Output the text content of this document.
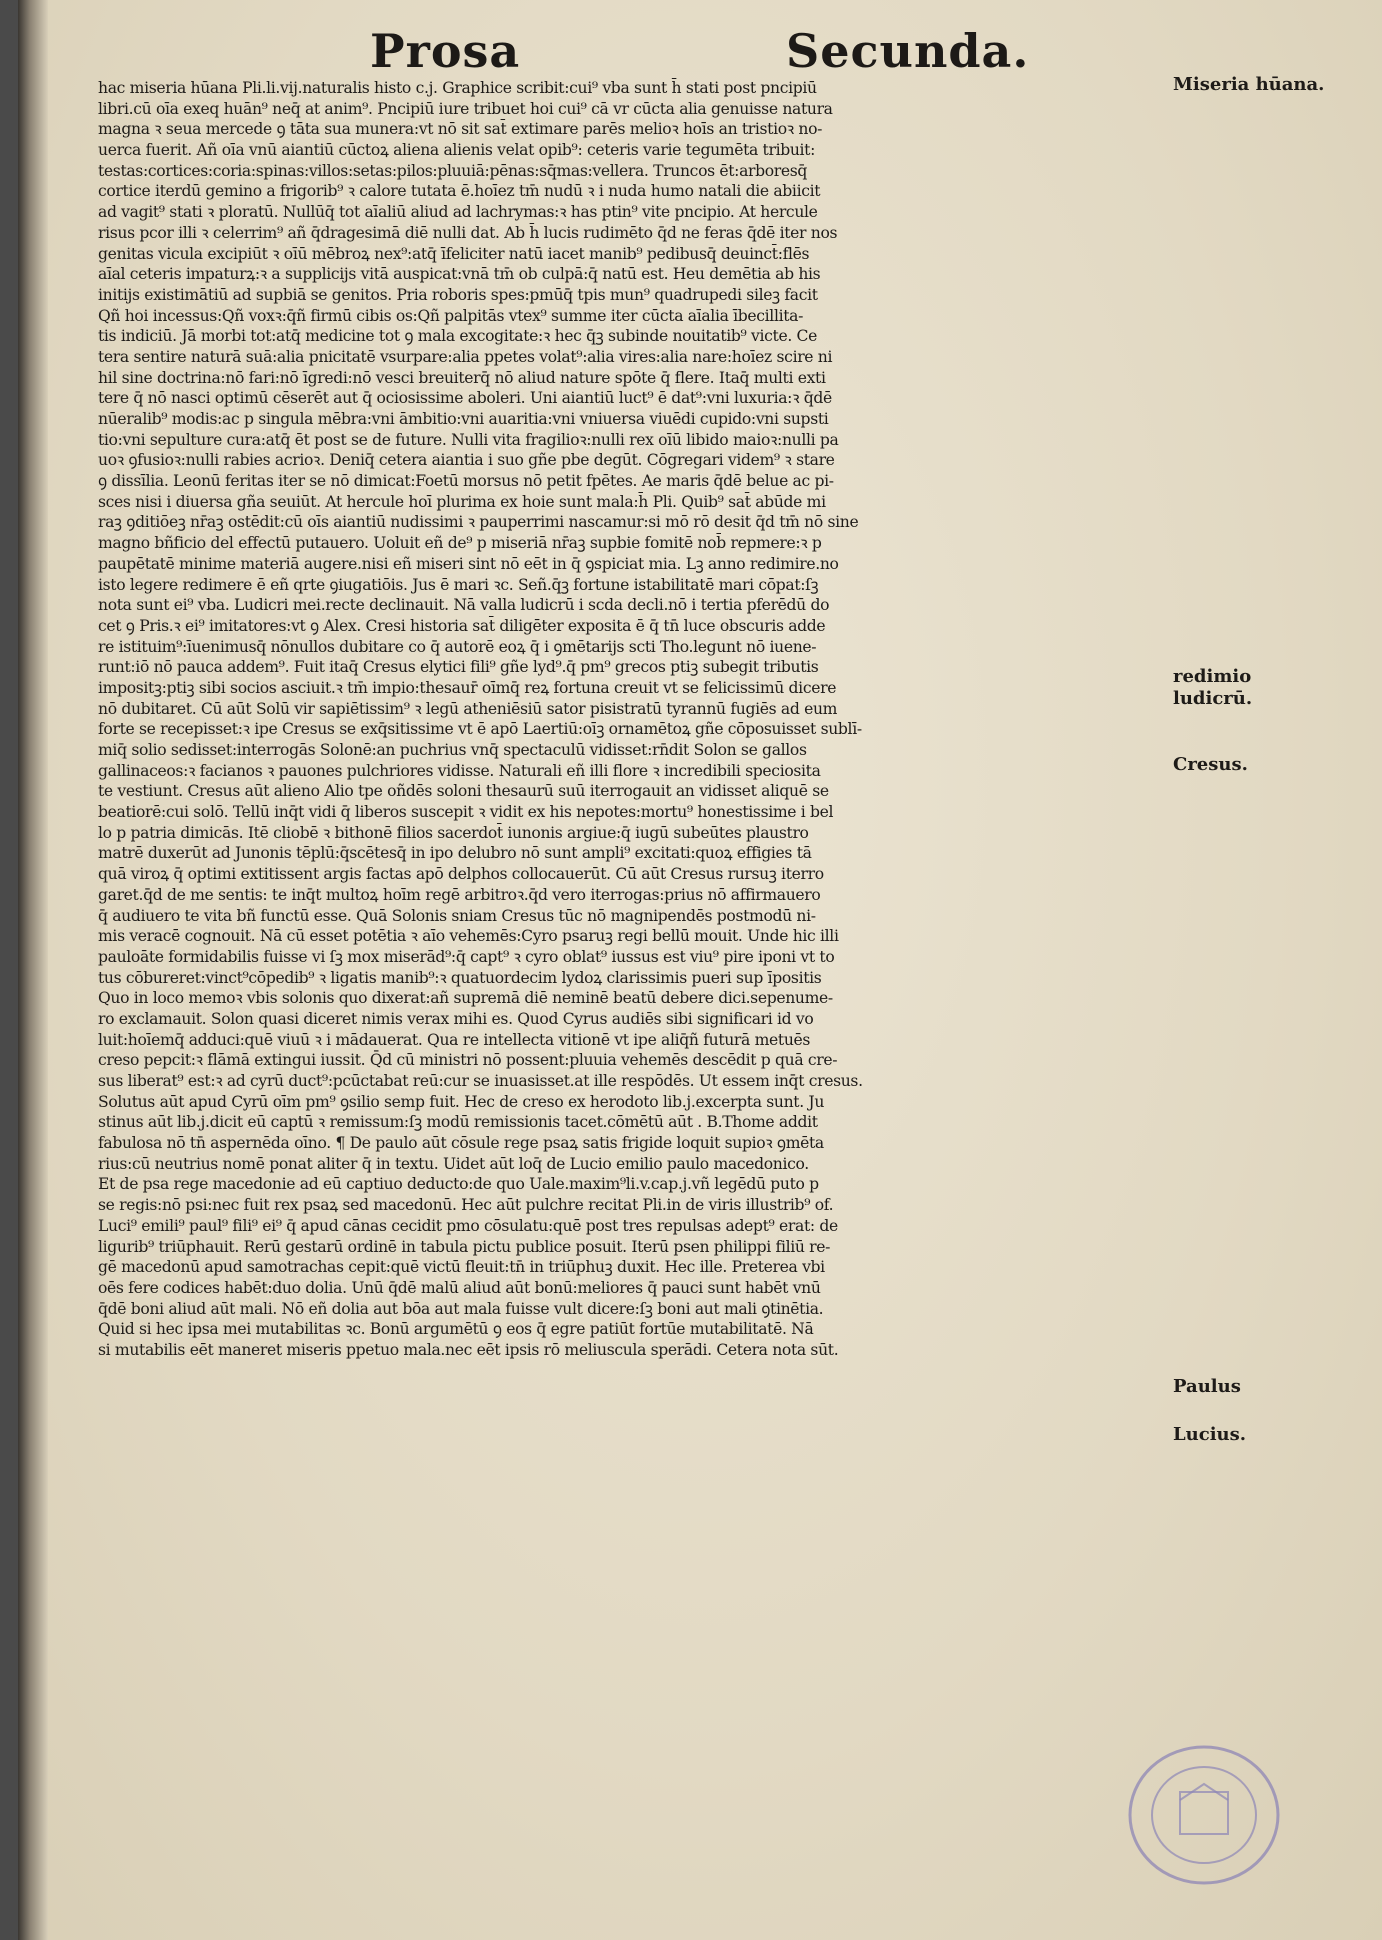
Prosa	Secunda.
hac miseria hūana Pli.li.vij.naturalis histo c.j. Graphice scribit:cui⁹ vba sunt h̄ stati post pncipiū
libri.cū oīa exeq huān⁹ neq̄ at anim⁹. Pncipiū iure tribuet hoi cui⁹ cā vr cūcta alia genuisse natura
magna ꝛ seua mercede ꝯ tāta sua munera:vt nō sit sat̄ extimare parēs melioꝛ hoīs an tristioꝛ no-
uerca fuerit. Añ oīa vnū aiantiū cūctoꝝ aliena alienis velat opib⁹: ceteris varie tegumēta tribuit:
testas:cortices:coria:spinas:villos:setas:pilos:pluuiā:pēnas:sq̄mas:vellera. Truncos ēt:arboresq̄
cortice iterdū gemino a frigorib⁹ ꝛ calore tutata ē.hoīez tm̄ nudū ꝛ i nuda humo natali die abiicit
ad vagit⁹ stati ꝛ ploratū. Nullūq̄ tot aīaliū aliud ad lachrymas:ꝛ has ptin⁹ vite pncipio. At hercule
risus pcor illi ꝛ celerrim⁹ añ q̄dragesimā diē nulli dat. Ab h̄ lucis rudimēto q̄d ne feras q̄dē iter nos
genitas vicula excipiūt ꝛ oīū mēbroꝝ nex⁹:atq̄ īfeliciter natū iacet manib⁹ pedibusq̄ deuinct̄:flēs
aīal ceteris impaturꝝ:ꝛ a supplicijs vitā auspicat:vnā tm̄ ob culpā:q̄ natū est. Heu demētia ab his
initijs existimātiū ad supbiā se genitos. Pria roboris spes:pmūq̄ tpis mun⁹ quadrupedi sileꝫ facit
Qñ hoi incessus:Qñ voxꝛ:q̄ñ firmū cibis os:Qñ palpitās vtex⁹ summe iter cūcta aīalia ībecillita-
tis indiciū. Jā morbi tot:atq̄ medicine tot ꝯ mala excogitate:ꝛ hec q̄ꝫ subinde nouitatib⁹ victe. Ce
tera sentire naturā suā:alia pnicitatē vsurpare:alia ppetes volat⁹:alia vires:alia nare:hoīez scire ni
hil sine doctrina:nō fari:nō īgredi:nō vesci breuiterq̄ nō aliud nature spōte q̄ flere. Itaq̄ multi exti
tere q̄ nō nasci optimū cēserēt aut q̄ ociosissime aboleri. Uni aiantiū luct⁹ ē dat⁹:vni luxuria:ꝛ q̄dē
nūeralib⁹ modis:ac p singula mēbra:vni āmbitio:vni auaritia:vni vniuersa viuēdi cupido:vni supsti
tio:vni sepulture cura:atq̄ ēt post se de future. Nulli vita fragilioꝛ:nulli rex oīū libido maioꝛ:nulli pa
uoꝛ ꝯfusioꝛ:nulli rabies acrioꝛ. Deniq̄ cetera aiantia i suo gñe pbe degūt. Cōgregari videm⁹ ꝛ stare
ꝯ dissīlia. Leonū feritas iter se nō dimicat:Foetū morsus nō petit fpētes. Ae maris q̄dē belue ac pi-
sces nisi i diuersa gña seuiūt. At hercule hoī plurima ex hoie sunt mala:h̄ Pli. Quib⁹ sat̄ abūde mi
raꝫ ꝯditiōeꝫ nr̄aꝫ ostēdit:cū oīs aiantiū nudissimi ꝛ pauperrimi nascamur:si mō rō desit q̄d tm̄ nō sine
magno bñficio del effectū putauero. Uoluit eñ de⁹ p miseriā nr̄aꝫ supbie fomitē nob̄ repmere:ꝛ p
paupētatē minime materiā augere.nisi eñ miseri sint nō eēt in q̄ ꝯspiciat mia. Lꝫ anno redimire.no
isto legere redimere ē eñ qrte ꝯiugatiōis. Jus ē mari ꝛc. Señ.q̄ꝫ fortune istabilitatē mari cōpat:ſꝫ
nota sunt ei⁹ vba. Ludicri mei.recte declinauit. Nā valla ludicrū i scda decli.nō i tertia pferēdū do
cet ꝯ Pris.ꝛ ei⁹ imitatores:vt ꝯ Alex. Cresi historia sat̄ diligēter exposita ē q̄ tn̄ luce obscuris adde
re istituim⁹:īuenimusq̄ nōnullos dubitare co q̄ autorē eoꝝ q̄ i ꝯmētarijs scti Tho.legunt nō iuene-
runt:iō nō pauca addem⁹. Fuit itaq̄ Cresus elytici fili⁹ gñe lyd⁹.q̄ pm⁹ grecos ptiꝫ subegit tributis
impositꝫ:ptiꝫ sibi socios asciuit.ꝛ tm̄ impio:thesaur̄ oīmq̄ reꝝ fortuna creuit vt se felicissimū dicere
nō dubitaret. Cū aūt Solū vir sapiētissim⁹ ꝛ legū atheniēsiū sator pisistratū tyrannū fugiēs ad eum
forte se recepisset:ꝛ ipe Cresus se exq̄sitissime vt ē apō Laertiū:oīꝫ ornamētoꝝ gñe cōposuisset sublī-
miq̄ solio sedisset:interrogās Solonē:an puchrius vnq̄ spectaculū vidisset:rn̄dit Solon se gallos
gallinaceos:ꝛ facianos ꝛ pauones pulchriores vidisse. Naturali eñ illi flore ꝛ incredibili speciosita
te vestiunt. Cresus aūt alieno Alio tpe oñdēs soloni thesaurū suū iterrogauit an vidisset aliquē se
beatiorē:cui solō. Tellū inq̄t vidi q̄ liberos suscepit ꝛ vidit ex his nepotes:mortu⁹ honestissime i bel
lo p patria dimicās. Itē cliobē ꝛ bithonē filios sacerdot̄ iunonis argiue:q̄ iugū subeūtes plaustro
matrē duxerūt ad Junonis tēplū:q̄scētesq̄ in ipo delubro nō sunt ampli⁹ excitati:quoꝝ effigies tā
quā viroꝝ q̄ optimi extitissent argis factas apō delphos collocauerūt. Cū aūt Cresus rursuꝫ iterro
garet.q̄d de me sentis: te inq̄t multoꝝ hoīm regē arbitroꝛ.q̄d vero iterrogas:prius nō affirmauero
q̄ audiuero te vita bñ functū esse. Quā Solonis sniam Cresus tūc nō magnipendēs postmodū ni-
mis veracē cognouit. Nā cū esset potētia ꝛ aīo vehemēs:Cyro psaruꝫ regi bellū mouit. Unde hic illi
pauloāte formidabilis fuisse vi ſꝫ mox miserād⁹:q̄ capt⁹ ꝛ cyro oblat⁹ iussus est viu⁹ pire iponi vt to
tus cōbureret:vinct⁹cōpedib⁹ ꝛ ligatis manib⁹:ꝛ quatuordecim lydoꝝ clarissimis pueri sup īpositis
Quo in loco memoꝛ vbis solonis quo dixerat:añ supremā diē neminē beatū debere dici.sepenume-
ro exclamauit. Solon quasi diceret nimis verax mihi es. Quod Cyrus audiēs sibi significari id vo
luit:hoīemq̄ adduci:quē viuū ꝛ i mādauerat. Qua re intellecta vitionē vt ipe aliq̄ñ futurā metuēs
creso pepcit:ꝛ flāmā extingui iussit. Q̄d cū ministri nō possent:pluuia vehemēs descēdit p quā cre-
sus liberat⁹ est:ꝛ ad cyrū duct⁹:pcūctabat reū:cur se inuasisset.at ille respōdēs. Ut essem inq̄t cresus.
Solutus aūt apud Cyrū oīm pm⁹ ꝯsilio semp fuit. Hec de creso ex herodoto lib.j.excerpta sunt. Ju
stinus aūt lib.j.dicit eū captū ꝛ remissum:ſꝫ modū remissionis tacet.cōmētū aūt . B.Thome addit
fabulosa nō tn̄ aspernēda oīno. ¶ De paulo aūt cōsule rege psaꝝ satis frigide loquit supioꝛ ꝯmēta
rius:cū neutrius nomē ponat aliter q̄ in textu. Uidet aūt loq̄ de Lucio emilio paulo macedonico.
Et de psa rege macedonie ad eū captiuo deducto:de quo Uale.maxim⁹li.v.cap.j.vñ legēdū puto p
se regis:nō psi:nec fuit rex psaꝝ sed macedonū. Hec aūt pulchre recitat Pli.in de viris illustrib⁹ of.
Luci⁹ emili⁹ paul⁹ fili⁹ ei⁹ q̄ apud cānas cecidit pmo cōsulatu:quē post tres repulsas adept⁹ erat: de
ligurib⁹ triūphauit. Rerū gestarū ordinē in tabula pictu publice posuit. Iterū psen philippi filiū re-
gē macedonū apud samotrachas cepit:quē victū fleuit:tn̄ in triūphuꝫ duxit. Hec ille. Preterea vbi
oēs fere codices habēt:duo dolia. Unū q̄dē malū aliud aūt bonū:meliores q̄ pauci sunt habēt vnū
q̄dē boni aliud aūt mali. Nō eñ dolia aut bōa aut mala fuisse vult dicere:ſꝫ boni aut mali ꝯtinētia.
Quid si hec ipsa mei mutabilitas ꝛc. Bonū argumētū ꝯ eos q̄ egre patiūt fortūe mutabilitatē. Nā
si mutabilis eēt maneret miseris ppetuo mala.nec eēt ipsis rō meliuscula sperādi. Cetera nota sūt.
Miseria hūana.
redimio ludicrū.
Cresus.
Paulus
Lucius.
